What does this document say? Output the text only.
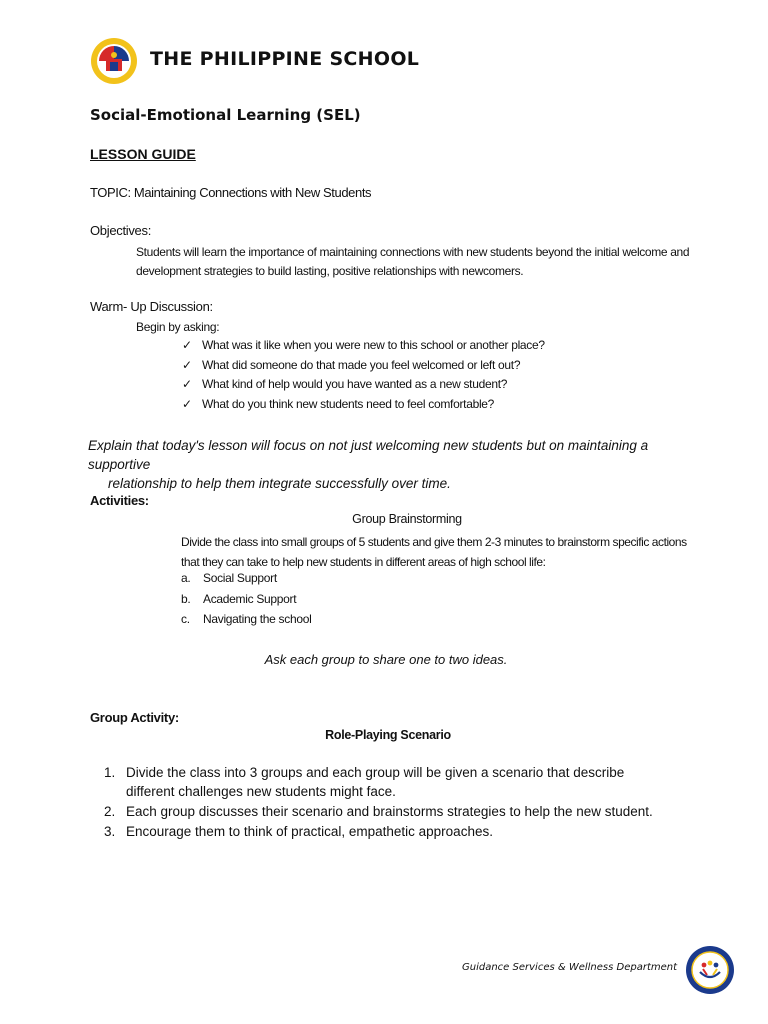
THE PHILIPPINE SCHOOL
Social-Emotional Learning (SEL)
LESSON GUIDE
TOPIC: Maintaining Connections with New Students
Objectives:
Students will learn the importance of maintaining connections with new students beyond the initial welcome and development strategies to build lasting, positive relationships with newcomers.
Warm- Up Discussion:
Begin by asking:
✓ What was it like when you were new to this school or another place?
✓ What did someone do that made you feel welcomed or left out?
✓ What kind of help would you have wanted as a new student?
✓ What do you think new students need to feel comfortable?
Explain that today's lesson will focus on not just welcoming new students but on maintaining a supportive
relationship to help them integrate successfully over time.
Activities:
Group Brainstorming
Divide the class into small groups of 5 students and give them 2-3 minutes to brainstorm specific actions that they can take to help new students in different areas of high school life:
a. Social Support
b. Academic Support
c. Navigating the school
Ask each group to share one to two ideas.
Group Activity:
Role-Playing Scenario
1. Divide the class into 3 groups and each group will be given a scenario that describe different challenges new students might face.
2. Each group discusses their scenario and brainstorms strategies to help the new student.
3. Encourage them to think of practical, empathetic approaches.
Guidance Services & Wellness Department
